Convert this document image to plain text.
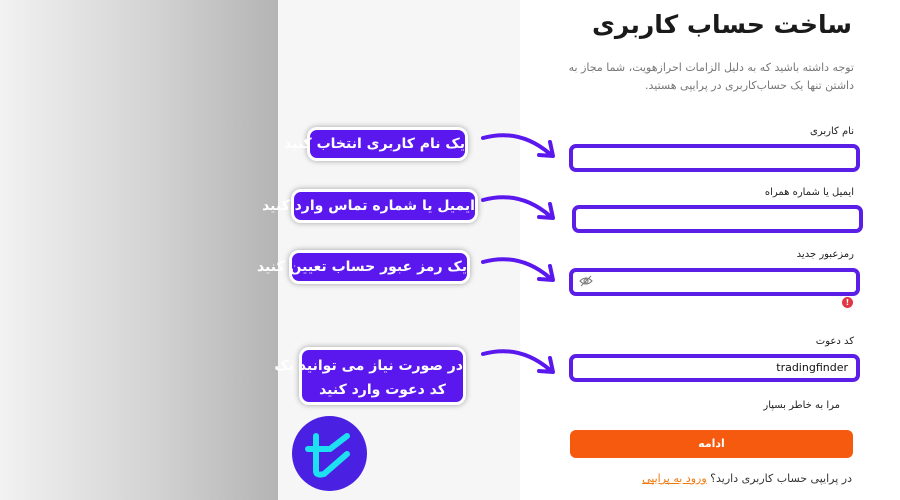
ساخت حساب کاربری
توجه داشته باشید که به دلیل الزامات احرازهویت، شما مجاز به داشتن تنها یک حساب‌کاربری در پرایپی هستید.
نام کاربری
ایمیل یا شماره همراه
رمزعبور جدید
!
کد دعوت
tradingfinder
مرا به خاطر بسپار
ادامه
در پرایپی حساب کاربری دارید؟ ورود به پرایپی
یک نام کاربری انتخاب کنید
ایمیل یا شماره تماس وارد کنید
یک رمز عبور حساب تعیین کنید
در صورت نیاز می توانید یک
کد دعوت وارد کنید
